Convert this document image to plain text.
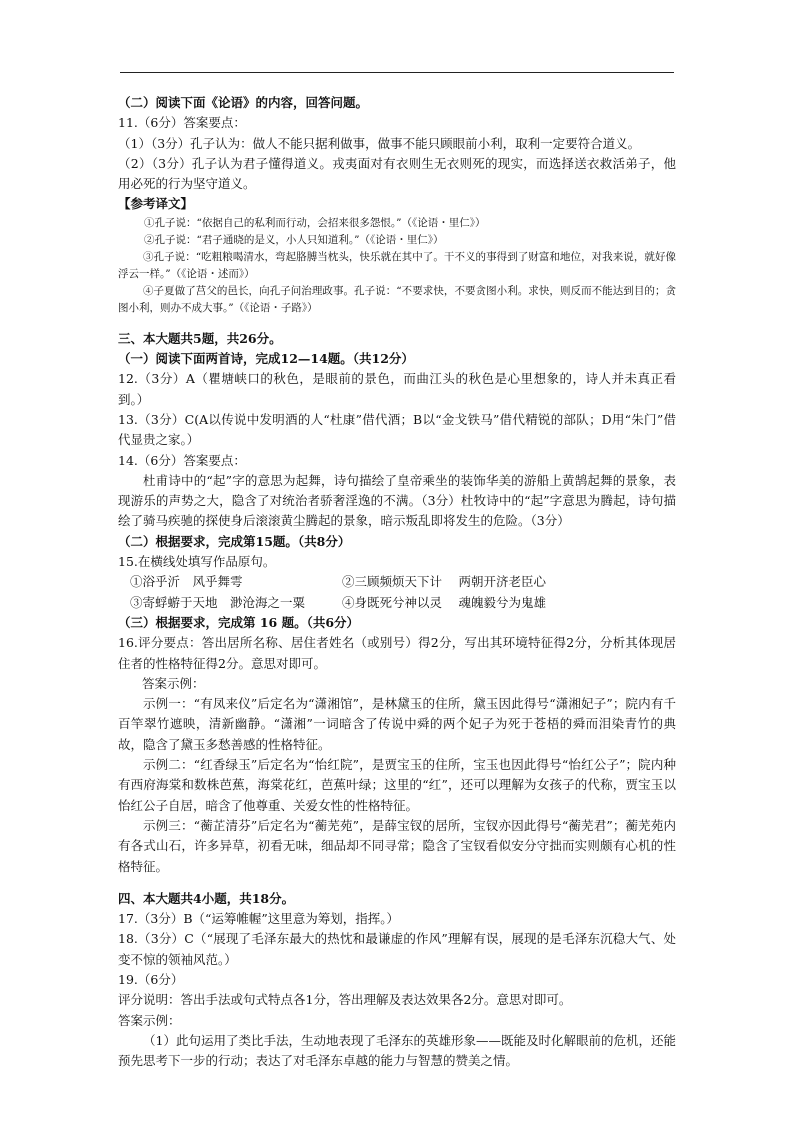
（二）阅读下面《论语》的内容，回答问题。
11.（6分）答案要点：
（1）（3分）孔子认为：做人不能只据利做事，做事不能只顾眼前小利，取利一定要符合道义。
（2）（3分）孔子认为君子懂得道义。戎夷面对有衣则生无衣则死的现实，而选择送衣救活弟子，他用必死的行为坚守道义。
【参考译文】
①孔子说：“依据自己的私利而行动，会招来很多怨恨。”（《论语・里仁》）
②孔子说：“君子通晓的是义，小人只知道利。”（《论语・里仁》）
③孔子说：“吃粗粮喝清水，弯起胳膊当枕头，快乐就在其中了。干不义的事得到了财富和地位，对我来说，就好像浮云一样。”（《论语・述而》）
④子夏做了莒父的邑长，向孔子问治理政事。孔子说：“不要求快，不要贪图小利。求快，则反而不能达到目的；贪图小利，则办不成大事。”（《论语・子路》）
三、本大题共5题，共26分。
（一）阅读下面两首诗，完成12—14题。（共12分）
12.（3分）A（瞿塘峡口的秋色，是眼前的景色，而曲江头的秋色是心里想象的，诗人并未真正看到。）
13.（3分）C(A以传说中发明酒的人“杜康”借代酒；B以“金戈铁马”借代精锐的部队；D用“朱门”借代显贵之家。）
14.（6分）答案要点：
杜甫诗中的“起”字的意思为起舞，诗句描绘了皇帝乘坐的装饰华美的游船上黄鹄起舞的景象，表现游乐的声势之大，隐含了对统治者骄奢淫逸的不满。（3分）杜牧诗中的“起”字意思为腾起，诗句描绘了骑马疾驰的探使身后滚滚黄尘腾起的景象，暗示叛乱即将发生的危险。（3分）
（二）根据要求，完成第15题。（共8分）
15.在横线处填写作品原句。
①浴乎沂　风乎舞雩	②三顾频烦天下计　 两朝开济老臣心
③寄蜉蝣于天地　渺沧海之一粟	④身既死兮神以灵　 魂魄毅兮为鬼雄
（三）根据要求，完成第 16 题。（共6分）
16.评分要点：答出居所名称、居住者姓名（或别号）得2分，写出其环境特征得2分，分析其体现居住者的性格特征得2分。意思对即可。
答案示例：
示例一：“有凤来仪”后定名为“潇湘馆”，是林黛玉的住所，黛玉因此得号“潇湘妃子”；院内有千百竿翠竹遮映，清新幽静。“潇湘”一词暗含了传说中舜的两个妃子为死于苍梧的舜而泪染青竹的典故，隐含了黛玉多愁善感的性格特征。
示例二：“红香绿玉”后定名为“怡红院”，是贾宝玉的住所，宝玉也因此得号“怡红公子”；院内种有西府海棠和数株芭蕉，海棠花红，芭蕉叶绿；这里的“红”，还可以理解为女孩子的代称，贾宝玉以怡红公子自居，暗含了他尊重、关爱女性的性格特征。
示例三：“蘅芷清芬”后定名为“蘅芜苑”，是薛宝钗的居所，宝钗亦因此得号“蘅芜君”；蘅芜苑内有各式山石，许多异草，初看无味，细品却不同寻常；隐含了宝钗看似安分守拙而实则颇有心机的性格特征。
四、本大题共4小题，共18分。
17.（3分）B（“运筹帷幄”这里意为筹划，指挥。）
18.（3分）C（“展现了毛泽东最大的热忱和最谦虚的作风”理解有误，展现的是毛泽东沉稳大气、处变不惊的领袖风范。）
19.（6分）
评分说明：答出手法或句式特点各1分，答出理解及表达效果各2分。意思对即可。
答案示例：
（1）此句运用了类比手法，生动地表现了毛泽东的英雄形象——既能及时化解眼前的危机，还能预先思考下一步的行动；表达了对毛泽东卓越的能力与智慧的赞美之情。
